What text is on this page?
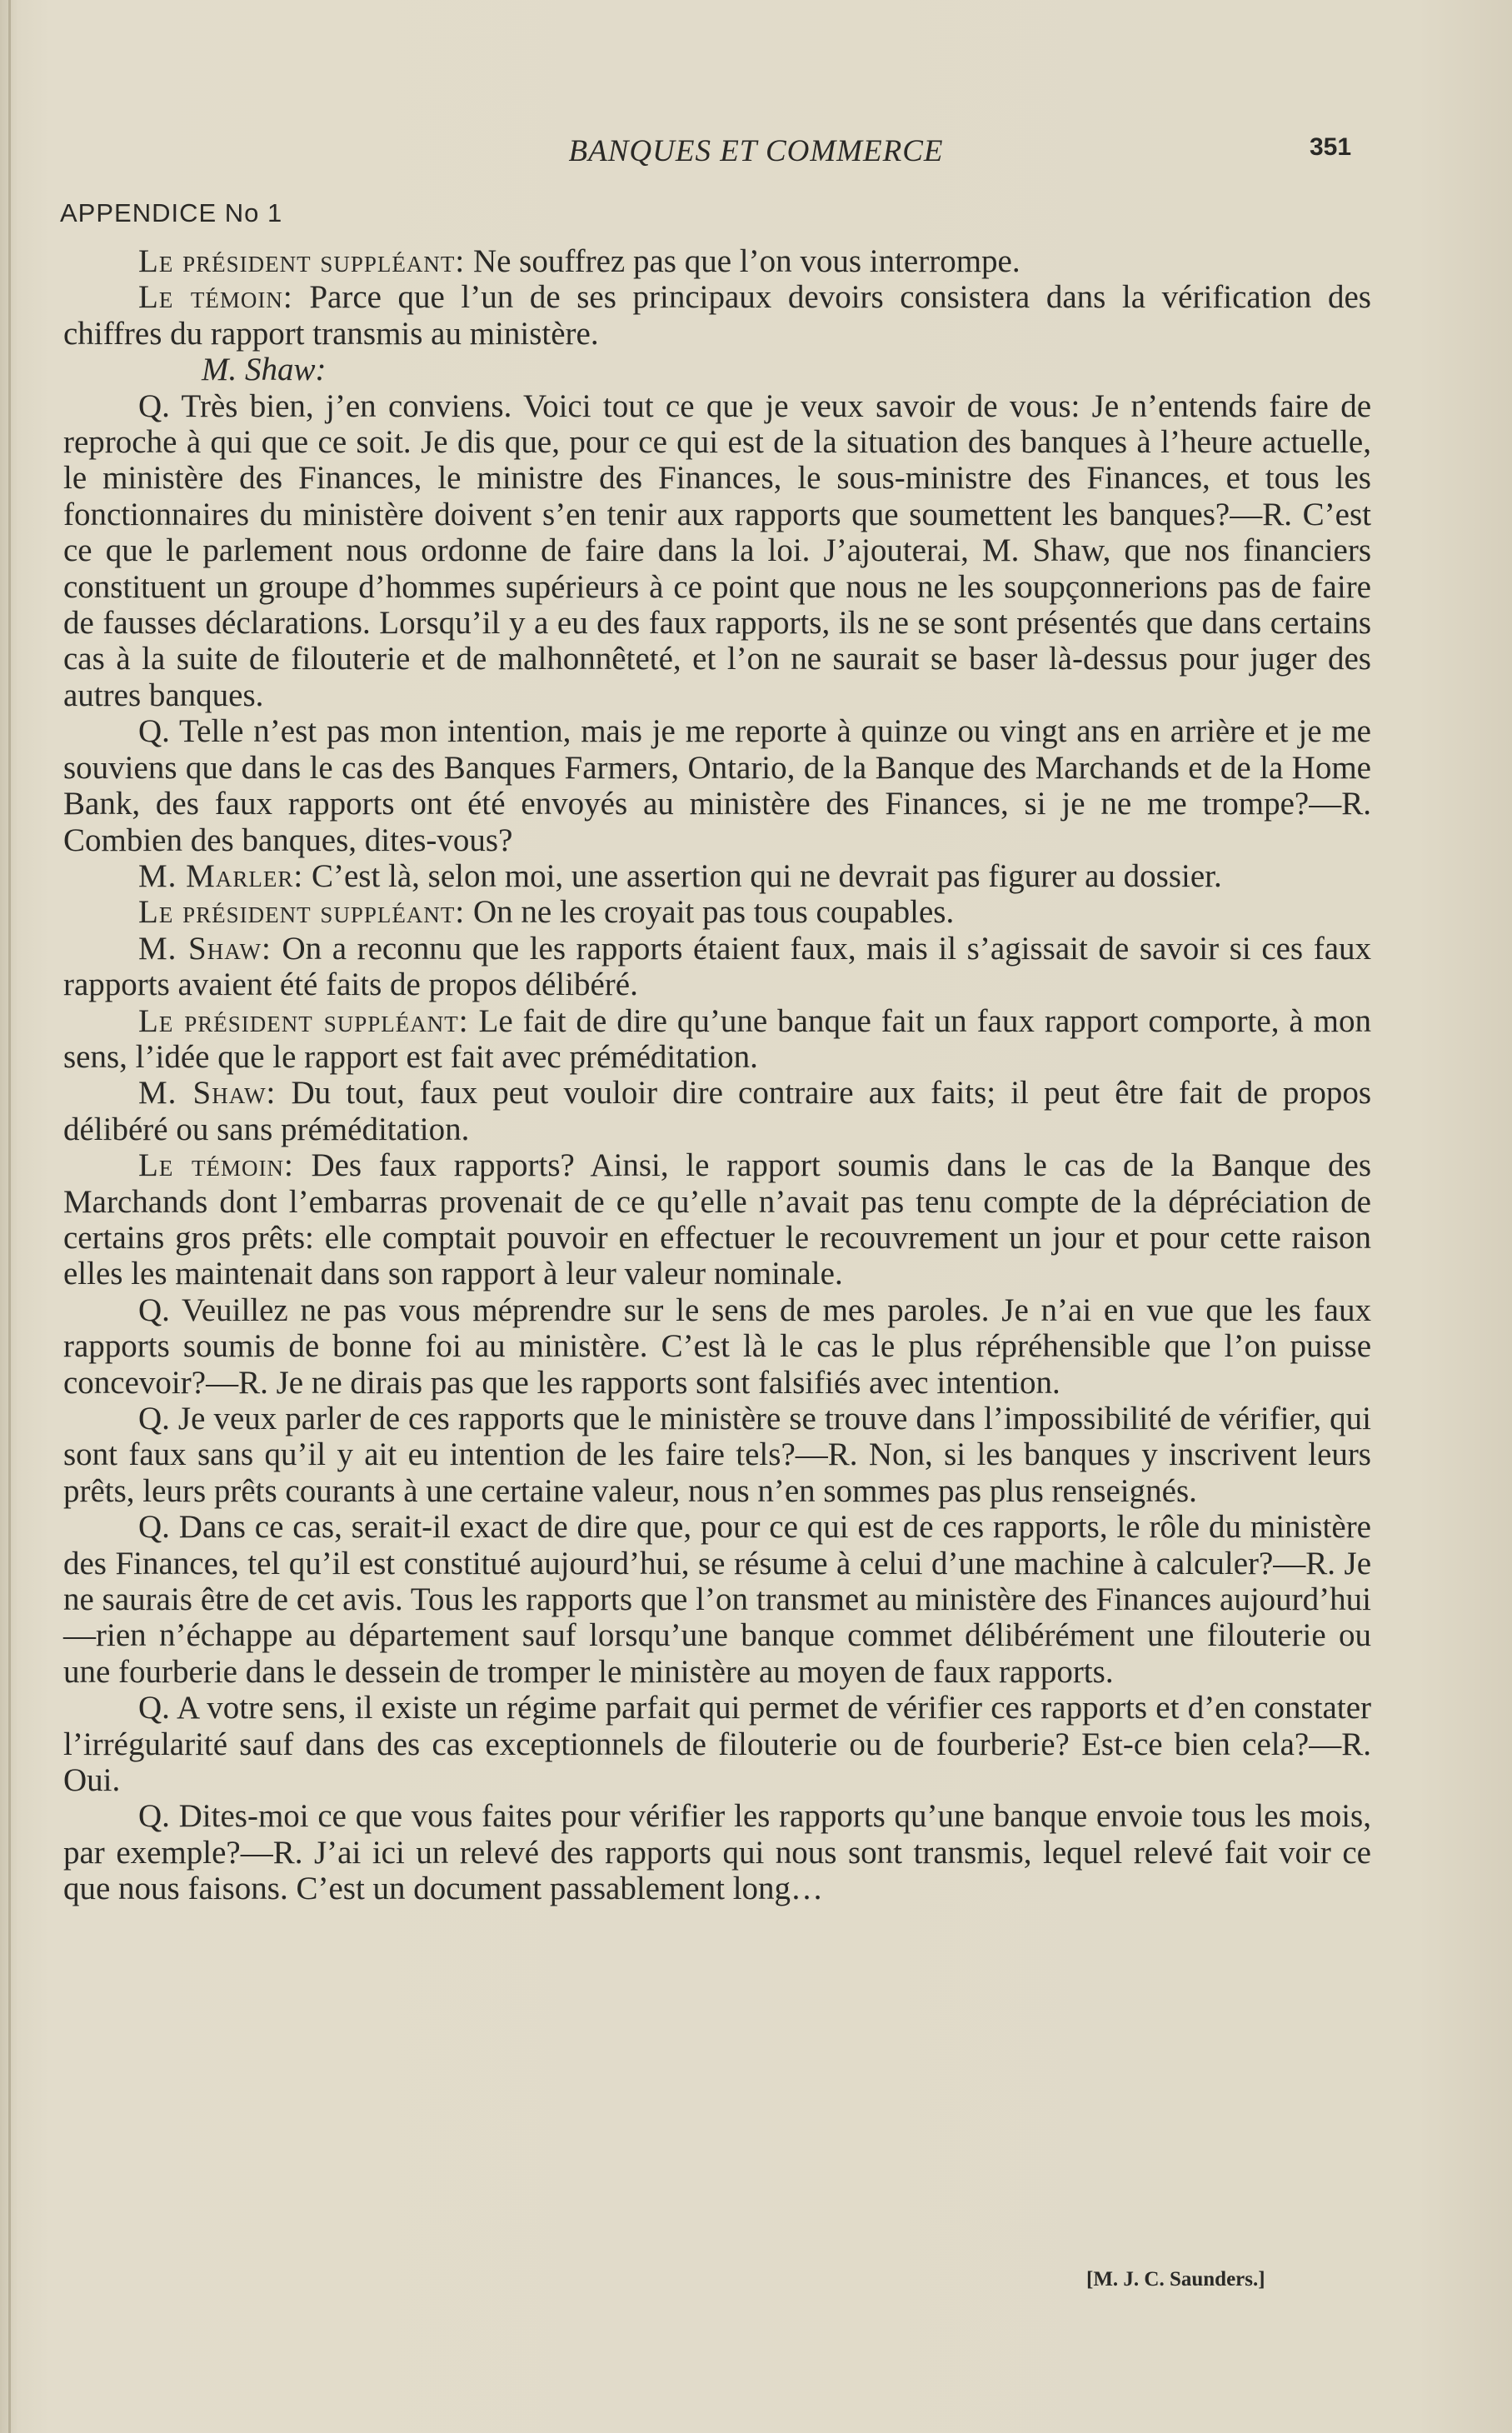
BANQUES ET COMMERCE	351
APPENDICE No 1

Le président suppléant: Ne souffrez pas que l’on vous interrompe.

Le témoin: Parce que l’un de ses principaux devoirs consistera dans la vérification des chiffres du rapport transmis au ministère.

M. Shaw:

Q. Très bien, j’en conviens. Voici tout ce que je veux savoir de vous: Je n’entends faire de reproche à qui que ce soit. Je dis que, pour ce qui est de la situation des banques à l’heure actuelle, le ministère des Finances, le ministre des Finances, le sous-ministre des Finances, et tous les fonctionnaires du ministère doivent s’en tenir aux rapports que soumettent les banques?—R. C’est ce que le parlement nous ordonne de faire dans la loi. J’ajouterai, M. Shaw, que nos financiers constituent un groupe d’hommes supérieurs à ce point que nous ne les soupçonnerions pas de faire de fausses déclarations. Lorsqu’il y a eu des faux rapports, ils ne se sont présentés que dans certains cas à la suite de filouterie et de malhonnêteté, et l’on ne saurait se baser là-dessus pour juger des autres banques.

Q. Telle n’est pas mon intention, mais je me reporte à quinze ou vingt ans en arrière et je me souviens que dans le cas des Banques Farmers, Ontario, de la Banque des Marchands et de la Home Bank, des faux rapports ont été envoyés au ministère des Finances, si je ne me trompe?—R. Combien des banques, dites-vous?

M. Marler: C’est là, selon moi, une assertion qui ne devrait pas figurer au dossier.

Le président suppléant: On ne les croyait pas tous coupables.

M. Shaw: On a reconnu que les rapports étaient faux, mais il s’agissait de savoir si ces faux rapports avaient été faits de propos délibéré.

Le président suppléant: Le fait de dire qu’une banque fait un faux rapport comporte, à mon sens, l’idée que le rapport est fait avec préméditation.

M. Shaw: Du tout, faux peut vouloir dire contraire aux faits; il peut être fait de propos délibéré ou sans préméditation.

Le témoin: Des faux rapports? Ainsi, le rapport soumis dans le cas de la Banque des Marchands dont l’embarras provenait de ce qu’elle n’avait pas tenu compte de la dépréciation de certains gros prêts: elle comptait pouvoir en effectuer le recouvrement un jour et pour cette raison elles les maintenait dans son rapport à leur valeur nominale.

Q. Veuillez ne pas vous méprendre sur le sens de mes paroles. Je n’ai en vue que les faux rapports soumis de bonne foi au ministère. C’est là le cas le plus répréhensible que l’on puisse concevoir?—R. Je ne dirais pas que les rapports sont falsifiés avec intention.

Q. Je veux parler de ces rapports que le ministère se trouve dans l’impossibilité de vérifier, qui sont faux sans qu’il y ait eu intention de les faire tels?—R. Non, si les banques y inscrivent leurs prêts, leurs prêts courants à une certaine valeur, nous n’en sommes pas plus renseignés.

Q. Dans ce cas, serait-il exact de dire que, pour ce qui est de ces rapports, le rôle du ministère des Finances, tel qu’il est constitué aujourd’hui, se résume à celui d’une machine à calculer?—R. Je ne saurais être de cet avis. Tous les rapports que l’on transmet au ministère des Finances aujourd’hui—rien n’échappe au département sauf lorsqu’une banque commet délibérément une filouterie ou une fourberie dans le dessein de tromper le ministère au moyen de faux rapports.

Q. A votre sens, il existe un régime parfait qui permet de vérifier ces rapports et d’en constater l’irrégularité sauf dans des cas exceptionnels de filouterie ou de fourberie? Est-ce bien cela?—R. Oui.

Q. Dites-moi ce que vous faites pour vérifier les rapports qu’une banque envoie tous les mois, par exemple?—R. J’ai ici un relevé des rapports qui nous sont transmis, lequel relevé fait voir ce que nous faisons. C’est un document passablement long…

[M. J. C. Saunders.]
